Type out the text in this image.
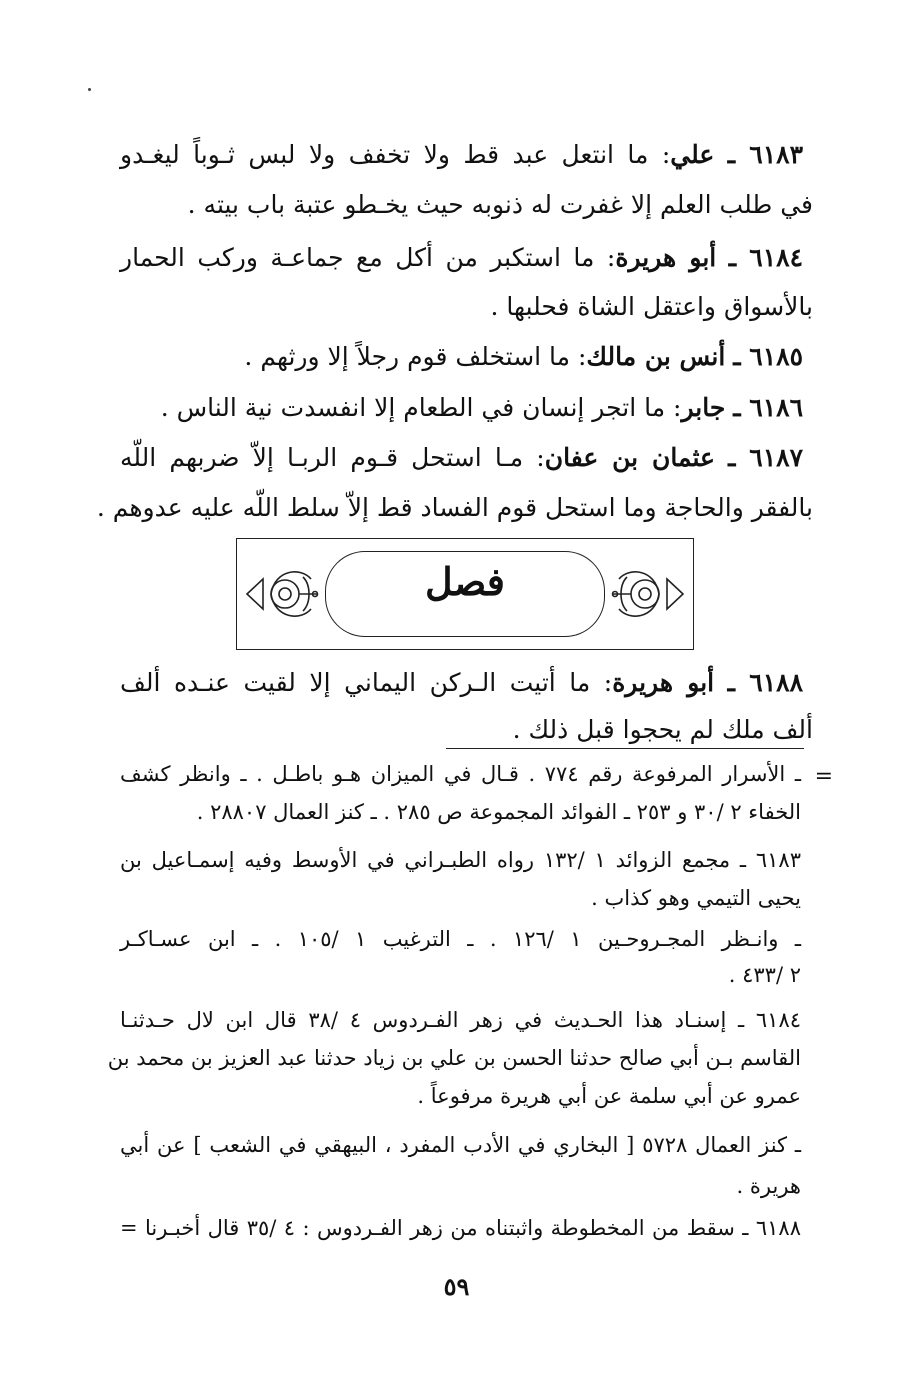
٦١٨٣ ـ علي: ما انتعل عبد قط ولا تخفف ولا لبس ثـوباً ليغـدو
في طلب العلم إلا غفرت له ذنوبه حيث يخـطو عتبة باب بيته .
٦١٨٤ ـ أبو هريرة: ما استكبر من أكل مع جماعـة وركب الحمار
بالأسواق واعتقل الشاة فحلبها .
٦١٨٥ ـ أنس بن مالك: ما استخلف قوم رجلاً إلا ورثهم .
٦١٨٦ ـ جابر: ما اتجر إنسان في الطعام إلا انفسدت نية الناس .
٦١٨٧ ـ عثمان بن عفان: مـا استحل قـوم الربـا إلاّ ضربهم اللّه
بالفقر والحاجة وما استحل قوم الفساد قط إلاّ سلط اللّه عليه عدوهم .
فصل
٦١٨٨ ـ أبو هريرة: ما أتيت الـركن اليماني إلا لقيت عنـده ألف
ألف ملك لم يحجوا قبل ذلك .
=
ـ الأسرار المرفوعة رقم ٧٧٤ . قـال في الميزان هـو باطـل . ـ وانظر كشف
الخفاء ٢ /٣٠ و ٢٥٣ ـ الفوائد المجموعة ص ٢٨٥ . ـ كنز العمال ٢٨٨٠٧ .
٦١٨٣ ـ مجمع الزوائد ١ /١٣٢ رواه الطبـراني في الأوسط وفيه إسمـاعيل بن
يحيى التيمي وهو كذاب .
ـ وانـظر المجـروحـين ١ /١٢٦ . ـ الترغيب ١ /١٠٥ . ـ ابن عسـاكـر
٢ /٤٣٣ .
٦١٨٤ ـ إسنـاد هذا الحـديث في زهر الفـردوس ٤ /٣٨ قال ابن لال حـدثنـا
القاسم بـن أبي صالح حدثنا الحسن بن علي بن زياد حدثنا عبد العزيز بن محمد بن
عمرو عن أبي سلمة عن أبي هريرة مرفوعاً .
ـ كنز العمال ٥٧٢٨ [ البخاري في الأدب المفرد ، البيهقي في الشعب ] عن أبي
هريرة .
٦١٨٨ ـ سقط من المخطوطة واثبتناه من زهر الفـردوس : ٤ /٣٥ قال أخبـرنا =
٥٩
